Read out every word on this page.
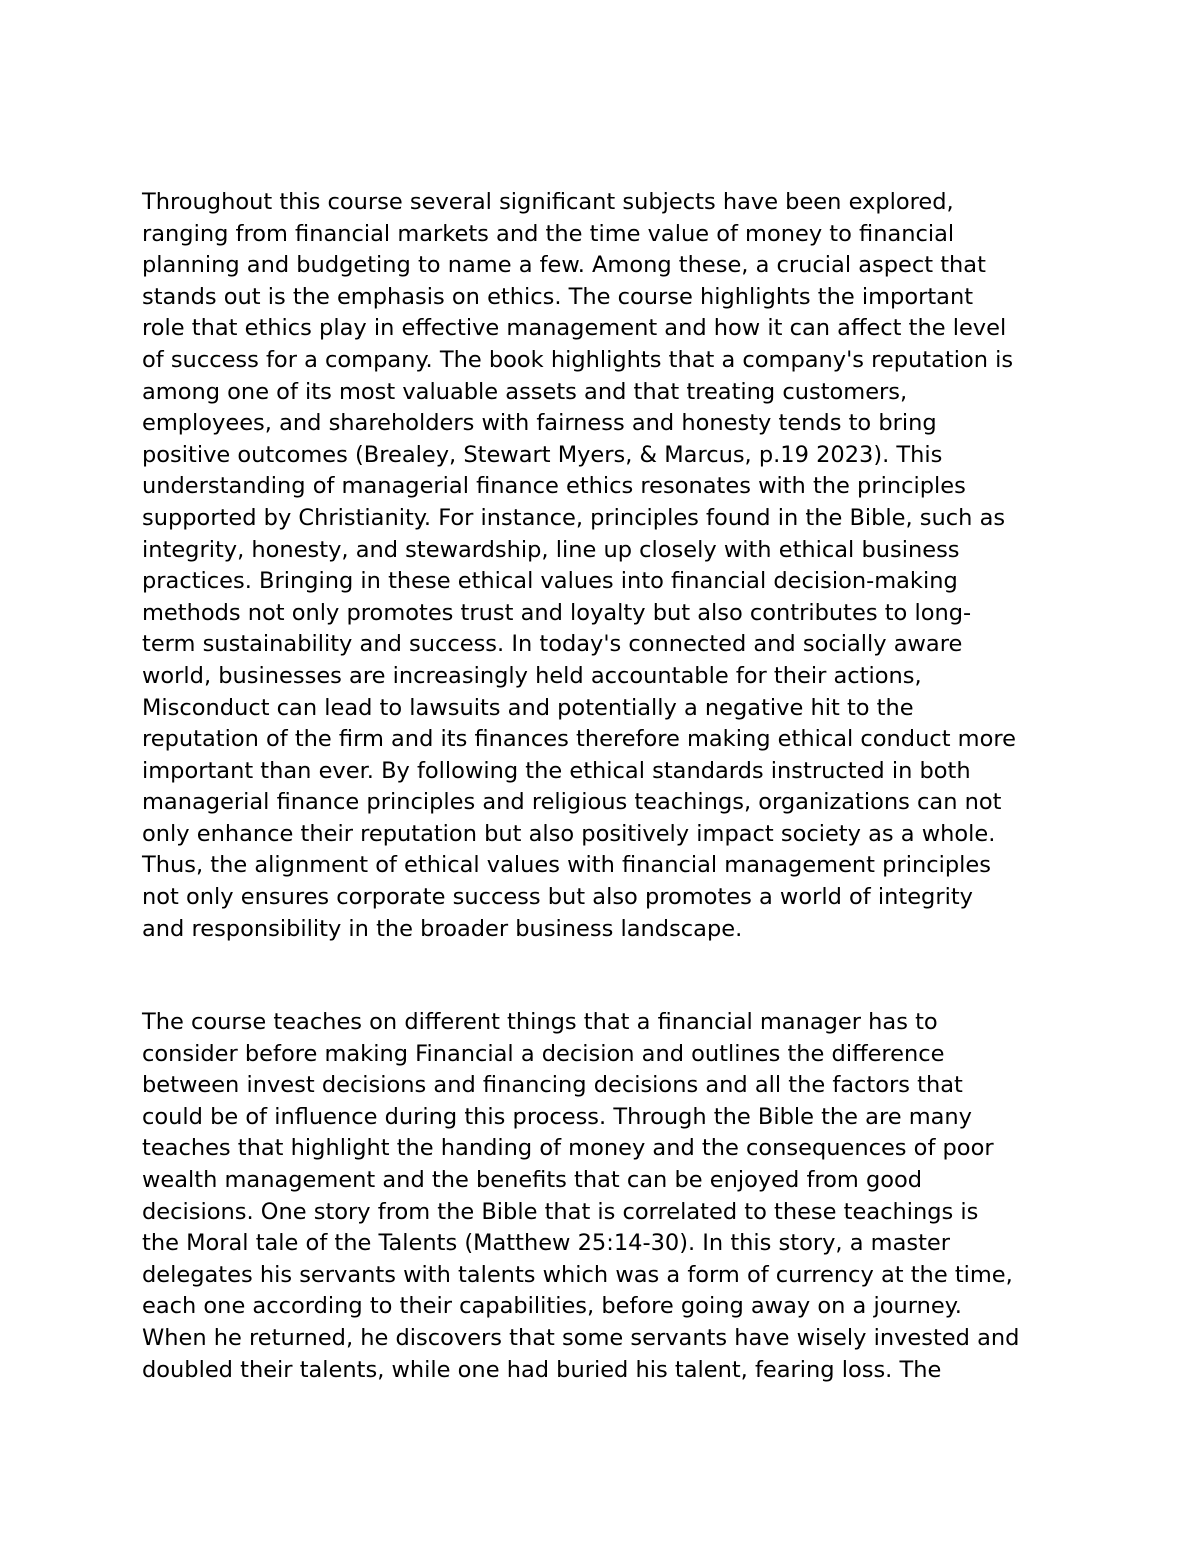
Throughout this course several significant subjects have been explored,
ranging from financial markets and the time value of money to financial
planning and budgeting to name a few. Among these, a crucial aspect that
stands out is the emphasis on ethics. The course highlights the important
role that ethics play in effective management and how it can affect the level
of success for a company. The book highlights that a company's reputation is
among one of its most valuable assets and that treating customers,
employees, and shareholders with fairness and honesty tends to bring
positive outcomes (Brealey, Stewart Myers, & Marcus, p.19 2023). This
understanding of managerial finance ethics resonates with the principles
supported by Christianity. For instance, principles found in the Bible, such as
integrity, honesty, and stewardship, line up closely with ethical business
practices. Bringing in these ethical values into financial decision-making
methods not only promotes trust and loyalty but also contributes to long-
term sustainability and success. In today's connected and socially aware
world, businesses are increasingly held accountable for their actions,
Misconduct can lead to lawsuits and potentially a negative hit to the
reputation of the firm and its finances therefore making ethical conduct more
important than ever. By following the ethical standards instructed in both
managerial finance principles and religious teachings, organizations can not
only enhance their reputation but also positively impact society as a whole.
Thus, the alignment of ethical values with financial management principles
not only ensures corporate success but also promotes a world of integrity
and responsibility in the broader business landscape.

The course teaches on different things that a financial manager has to
consider before making Financial a decision and outlines the difference
between invest decisions and financing decisions and all the factors that
could be of influence during this process. Through the Bible the are many
teaches that highlight the handing of money and the consequences of poor
wealth management and the benefits that can be enjoyed from good
decisions. One story from the Bible that is correlated to these teachings is
the Moral tale of the Talents (Matthew 25:14-30). In this story, a master
delegates his servants with talents which was a form of currency at the time,
each one according to their capabilities, before going away on a journey.
When he returned, he discovers that some servants have wisely invested and
doubled their talents, while one had buried his talent, fearing loss. The
